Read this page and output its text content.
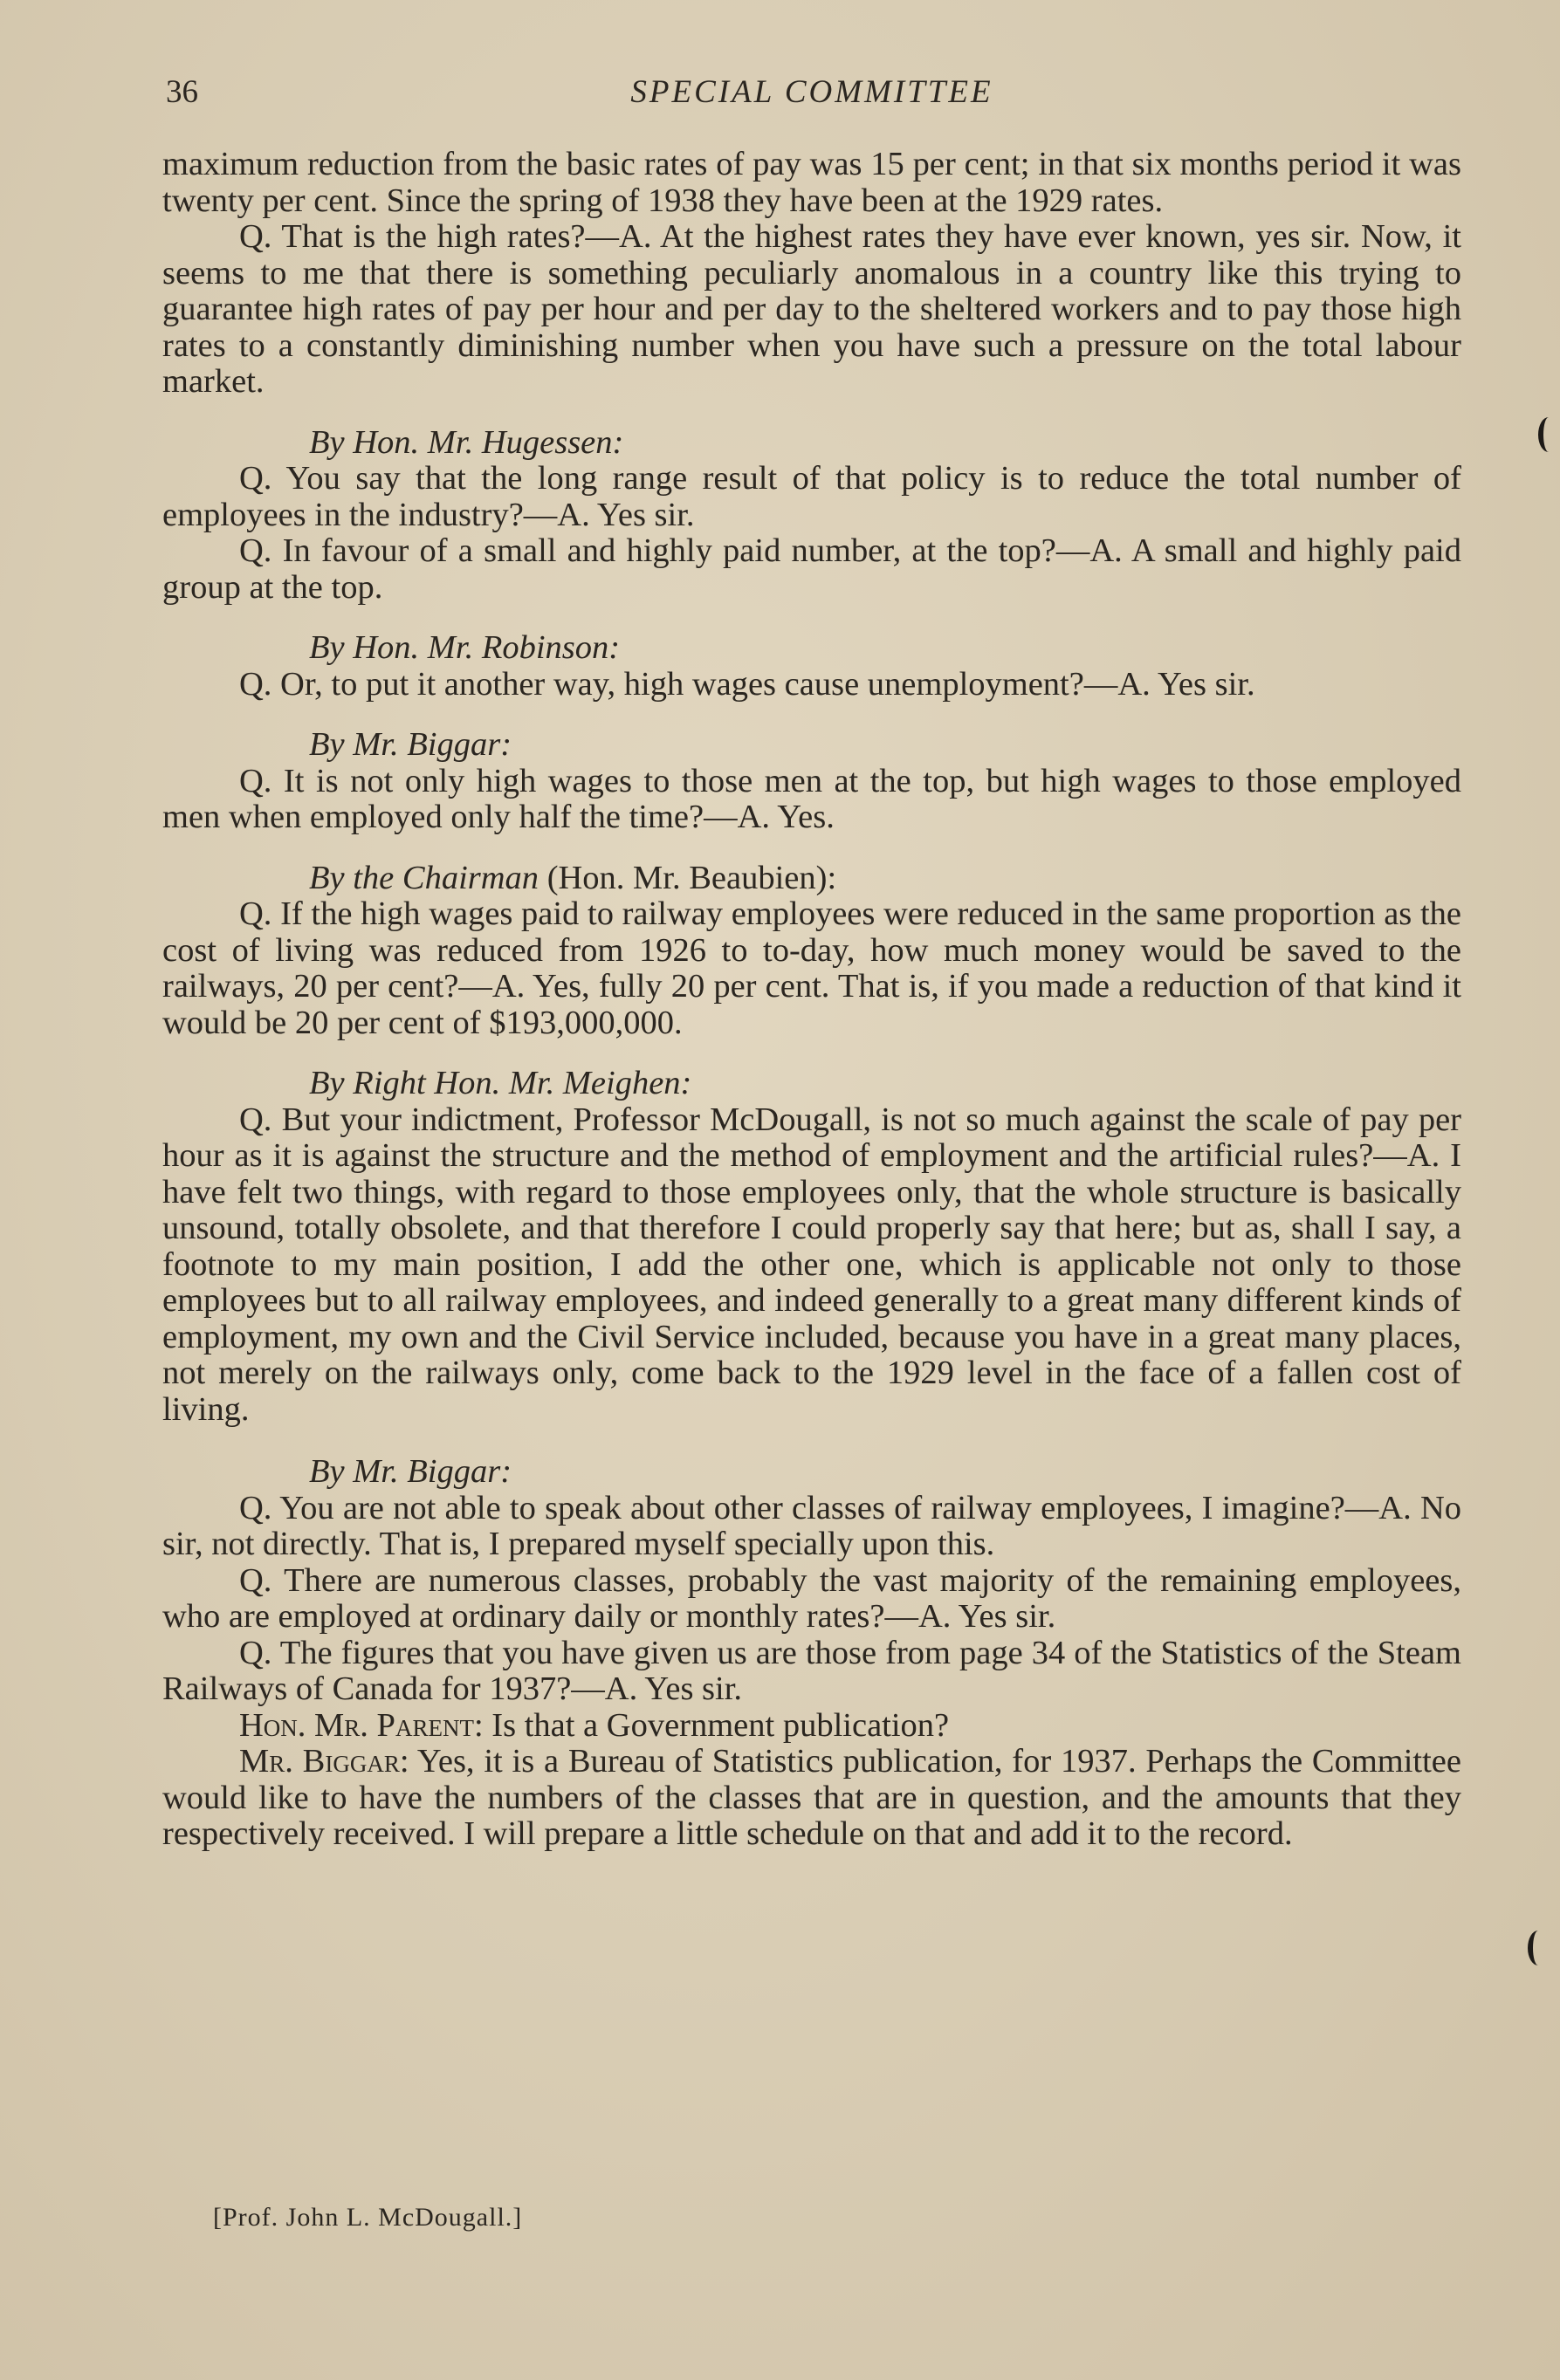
36	SPECIAL COMMITTEE

maximum reduction from the basic rates of pay was 15 per cent; in that six months period it was twenty per cent. Since the spring of 1938 they have been at the 1929 rates.

Q. That is the high rates?—A. At the highest rates they have ever known, yes sir. Now, it seems to me that there is something peculiarly anomalous in a country like this trying to guarantee high rates of pay per hour and per day to the sheltered workers and to pay those high rates to a constantly diminishing number when you have such a pressure on the total labour market.

By Hon. Mr. Hugessen:

Q. You say that the long range result of that policy is to reduce the total number of employees in the industry?—A. Yes sir.

Q. In favour of a small and highly paid number, at the top?—A. A small and highly paid group at the top.

By Hon. Mr. Robinson:

Q. Or, to put it another way, high wages cause unemployment?—A. Yes sir.

By Mr. Biggar:

Q. It is not only high wages to those men at the top, but high wages to those employed men when employed only half the time?—A. Yes.

By the Chairman (Hon. Mr. Beaubien):

Q. If the high wages paid to railway employees were reduced in the same proportion as the cost of living was reduced from 1926 to to-day, how much money would be saved to the railways, 20 per cent?—A. Yes, fully 20 per cent. That is, if you made a reduction of that kind it would be 20 per cent of $193,000,000.

By Right Hon. Mr. Meighen:

Q. But your indictment, Professor McDougall, is not so much against the scale of pay per hour as it is against the structure and the method of employment and the artificial rules?—A. I have felt two things, with regard to those employees only, that the whole structure is basically unsound, totally obsolete, and that therefore I could properly say that here; but as, shall I say, a footnote to my main position, I add the other one, which is applicable not only to those employees but to all railway employees, and indeed generally to a great many different kinds of employment, my own and the Civil Service included, because you have in a great many places, not merely on the railways only, come back to the 1929 level in the face of a fallen cost of living.

By Mr. Biggar:

Q. You are not able to speak about other classes of railway employees, I imagine?—A. No sir, not directly. That is, I prepared myself specially upon this.

Q. There are numerous classes, probably the vast majority of the remaining employees, who are employed at ordinary daily or monthly rates?—A. Yes sir.

Q. The figures that you have given us are those from page 34 of the Statistics of the Steam Railways of Canada for 1937?—A. Yes sir.

Hon. Mr. Parent: Is that a Government publication?

Mr. Biggar: Yes, it is a Bureau of Statistics publication, for 1937. Perhaps the Committee would like to have the numbers of the classes that are in question, and the amounts that they respectively received. I will prepare a little schedule on that and add it to the record.

[Prof. John L. McDougall.]
